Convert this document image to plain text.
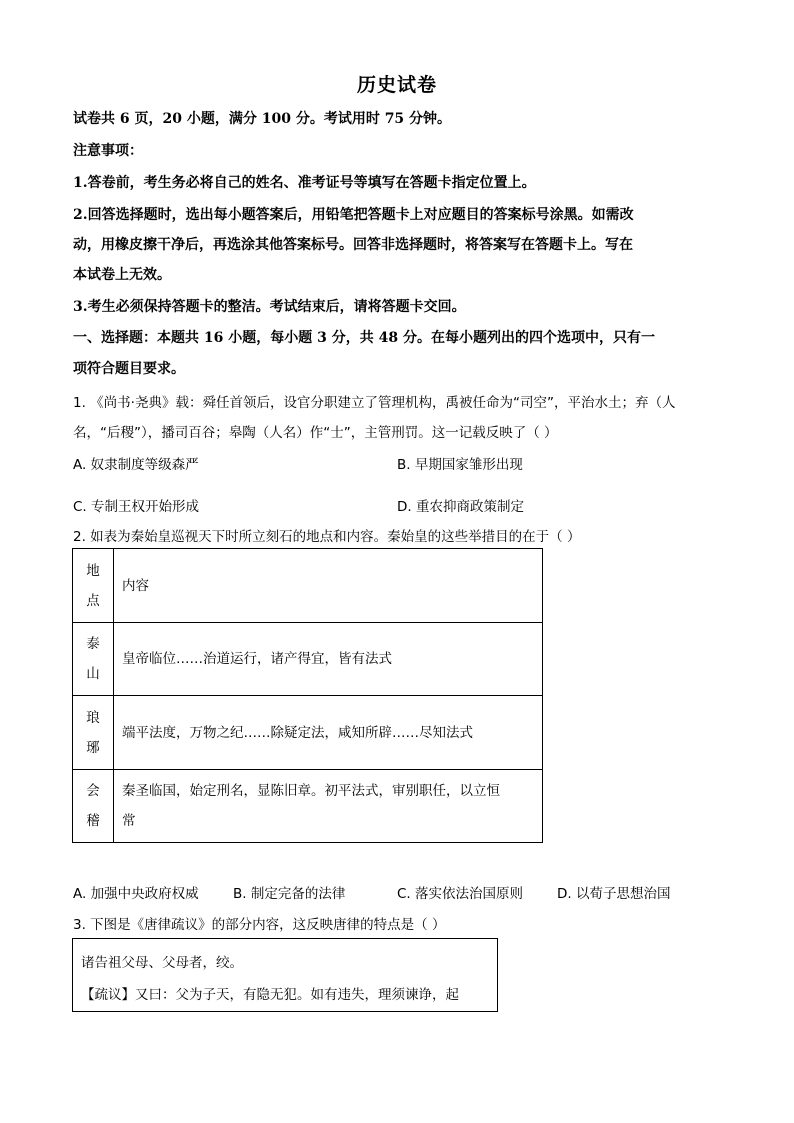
历史试卷
试卷共 6 页，20 小题，满分 100 分。考试用时 75 分钟。
注意事项：
1.答卷前，考生务必将自己的姓名、准考证号等填写在答题卡指定位置上。
2.回答选择题时，选出每小题答案后，用铅笔把答题卡上对应题目的答案标号涂黑。如需改
动，用橡皮擦干净后，再选涂其他答案标号。回答非选择题时，将答案写在答题卡上。写在
本试卷上无效。
3.考生必须保持答题卡的整洁。考试结束后，请将答题卡交回。
一、选择题：本题共 16 小题，每小题 3 分，共 48 分。在每小题列出的四个选项中，只有一
项符合题目要求。
1. 《尚书·尧典》载：舜任首领后，设官分职建立了管理机构，禹被任命为“司空”，平治水土；弃（人
名，“后稷”），播司百谷；皋陶（人名）作“士”，主管刑罚。这一记载反映了（ ）
A. 奴隶制度等级森严	B. 早期国家雏形出现
C. 专制王权开始形成	D. 重农抑商政策制定
2. 如表为秦始皇巡视天下时所立刻石的地点和内容。秦始皇的这些举措目的在于（ ）
地
点	内容

泰
山	皇帝临位……治道运行，诸产得宜，皆有法式

琅
琊	端平法度，万物之纪……除疑定法，咸知所辟……尽知法式

会
稽	秦圣临国，始定刑名，显陈旧章。初平法式，审别职任，以立恒
常
A. 加强中央政府权威	B. 制定完备的法律	C. 落实依法治国原则	D. 以荀子思想治国
3. 下图是《唐律疏议》的部分内容，这反映唐律的特点是（ ）
诸告祖父母、父母者，绞。
【疏议】又曰：父为子天，有隐无犯。如有违失，理须谏诤，起
